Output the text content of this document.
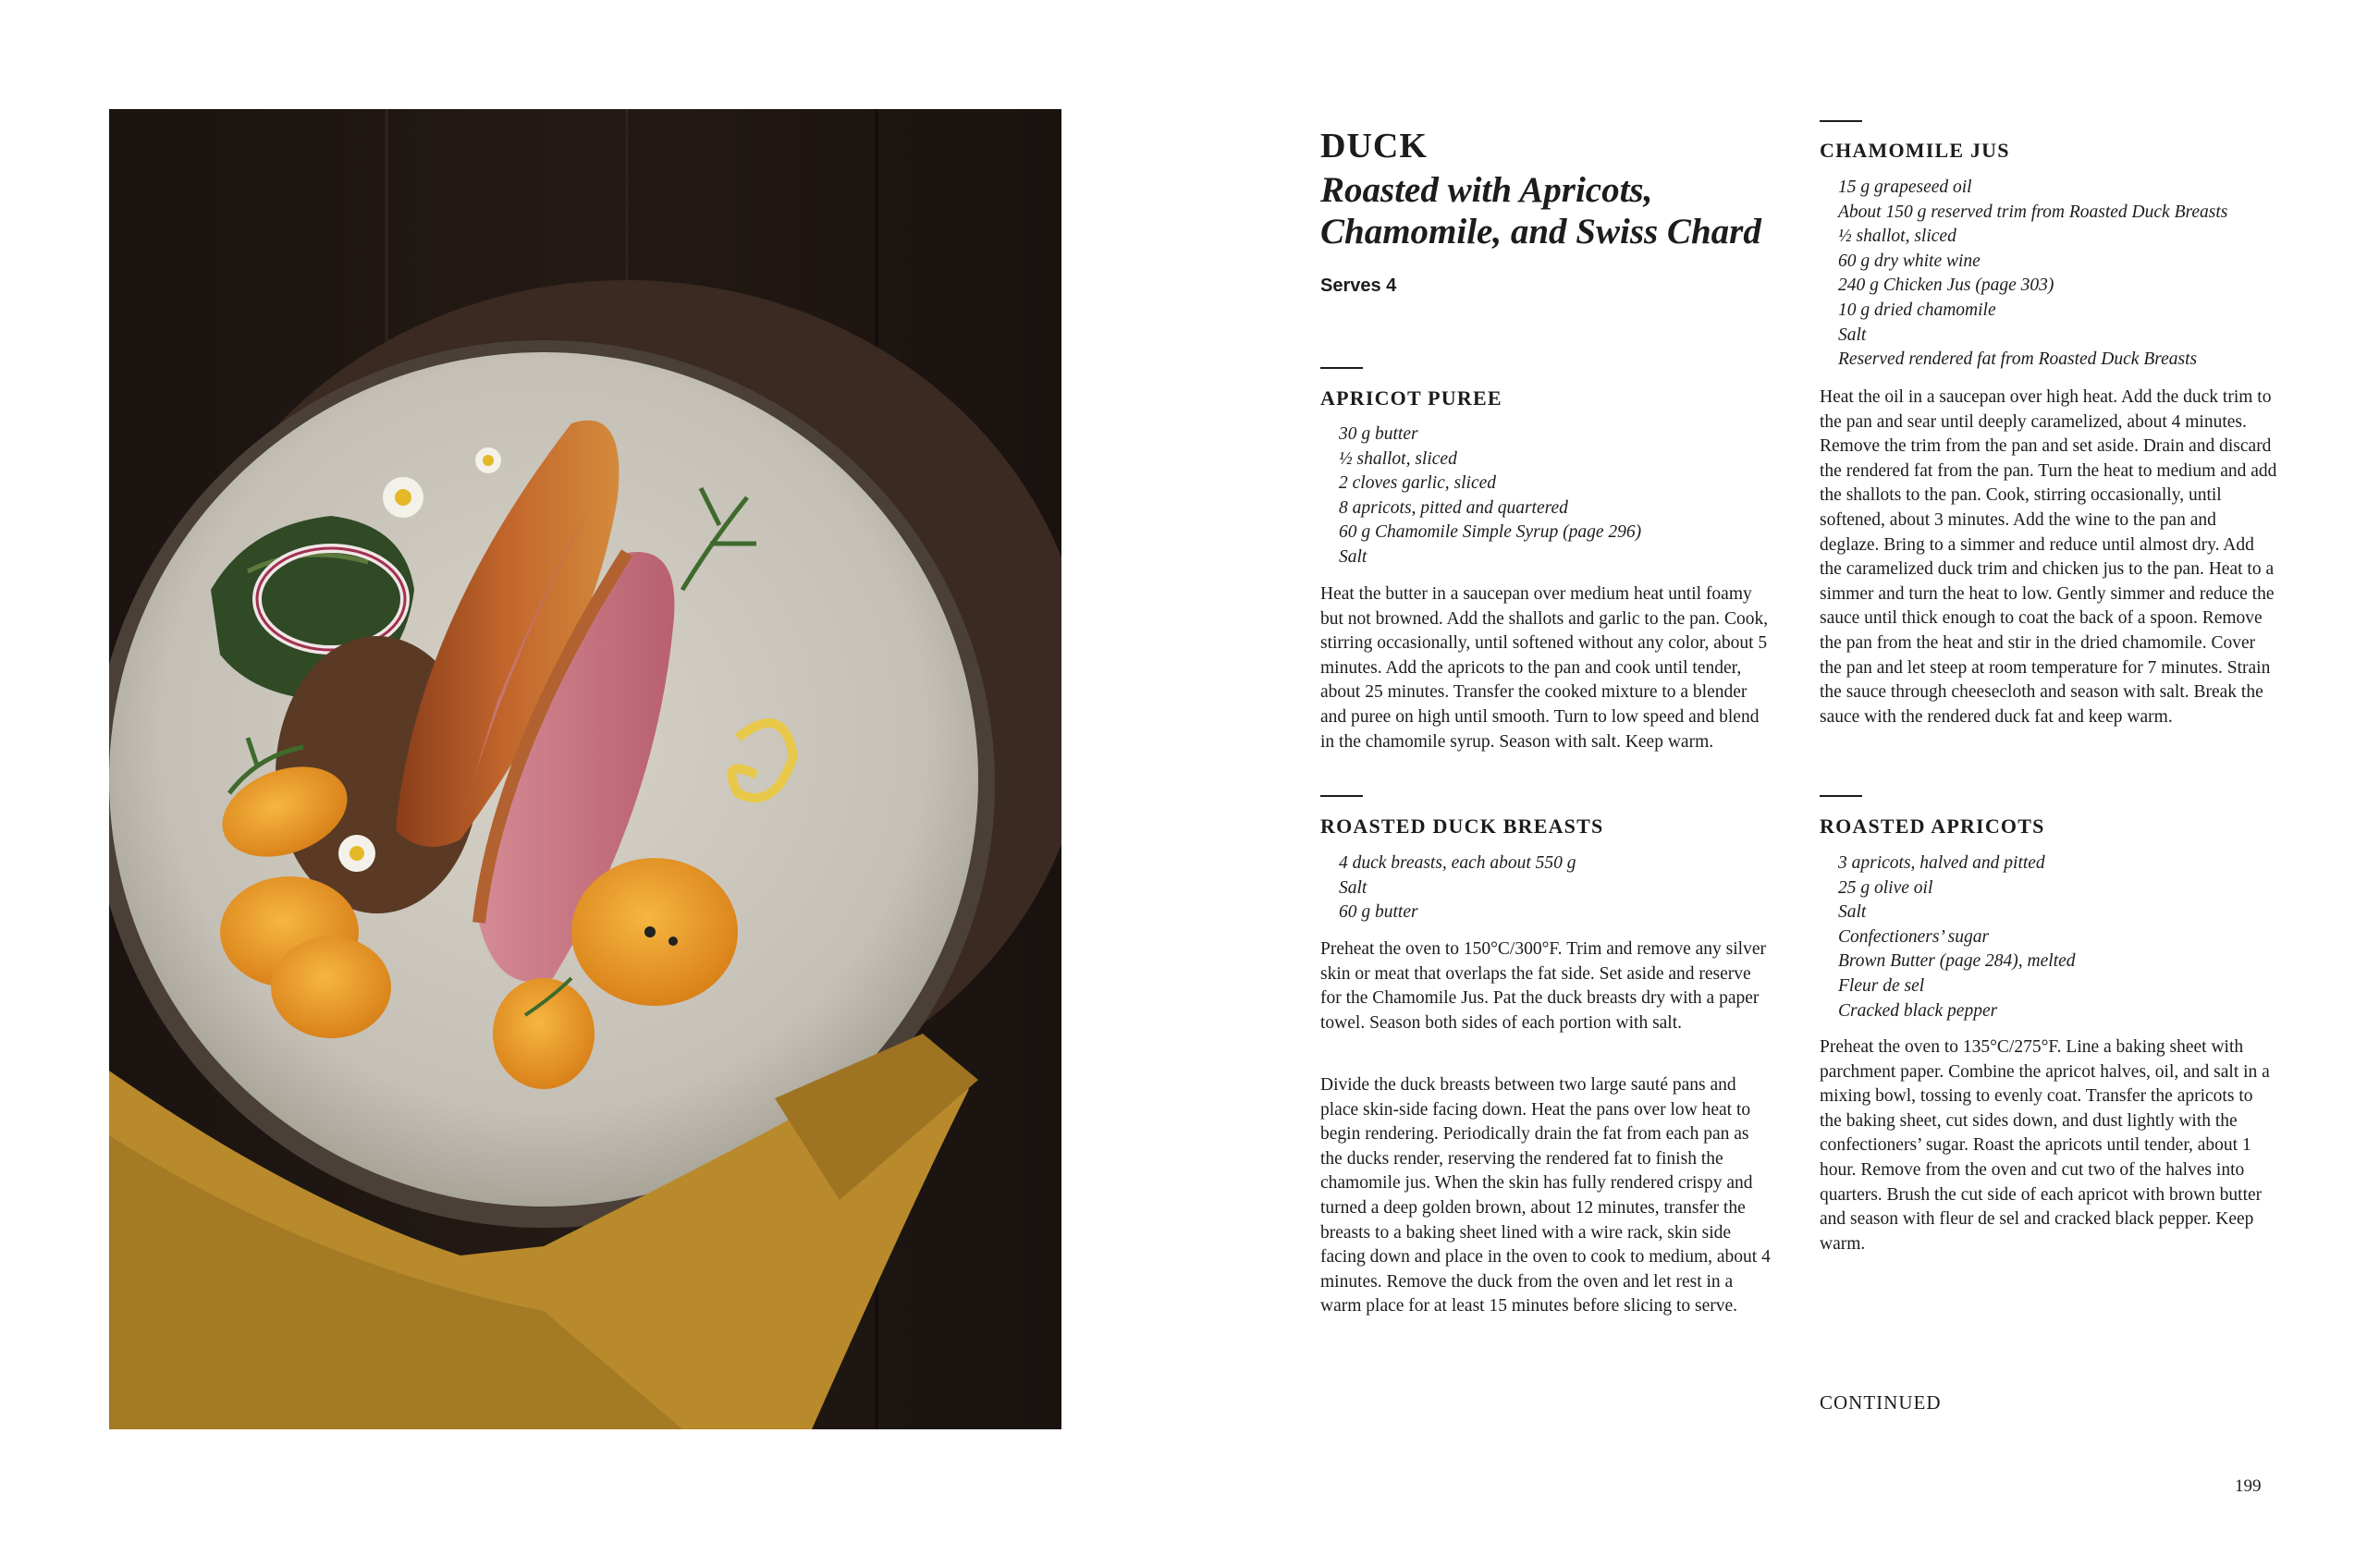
DUCK
Roasted with Apricots, Chamomile, and Swiss Chard
Serves 4
APRICOT PUREE
30 g butter
½ shallot, sliced
2 cloves garlic, sliced
8 apricots, pitted and quartered
60 g Chamomile Simple Syrup (page 296)
Salt

Heat the butter in a saucepan over medium heat until foamy but not browned. Add the shallots and garlic to the pan. Cook, stirring occasionally, until softened without any color, about 5 minutes. Add the apricots to the pan and cook until tender, about 25 minutes. Transfer the cooked mixture to a blender and puree on high until smooth. Turn to low speed and blend in the chamomile syrup. Season with salt. Keep warm.

ROASTED DUCK BREASTS
4 duck breasts, each about 550 g
Salt
60 g butter

Preheat the oven to 150°C/300°F. Trim and remove any silver skin or meat that overlaps the fat side. Set aside and reserve for the Chamomile Jus. Pat the duck breasts dry with a paper towel. Season both sides of each portion with salt.

Divide the duck breasts between two large sauté pans and place skin-side facing down. Heat the pans over low heat to begin rendering. Periodically drain the fat from each pan as the ducks render, reserving the rendered fat to finish the chamomile jus. When the skin has fully rendered crispy and turned a deep golden brown, about 12 minutes, transfer the breasts to a baking sheet lined with a wire rack, skin side facing down and place in the oven to cook to medium, about 4 minutes. Remove the duck from the oven and let rest in a warm place for at least 15 minutes before slicing to serve.

CHAMOMILE JUS
15 g grapeseed oil
About 150 g reserved trim from Roasted Duck Breasts
½ shallot, sliced
60 g dry white wine
240 g Chicken Jus (page 303)
10 g dried chamomile
Salt
Reserved rendered fat from Roasted Duck Breasts

Heat the oil in a saucepan over high heat. Add the duck trim to the pan and sear until deeply caramelized, about 4 minutes. Remove the trim from the pan and set aside. Drain and discard the rendered fat from the pan. Turn the heat to medium and add the shallots to the pan. Cook, stirring occasionally, until softened, about 3 minutes. Add the wine to the pan and deglaze. Bring to a simmer and reduce until almost dry. Add the caramelized duck trim and chicken jus to the pan. Heat to a simmer and turn the heat to low. Gently simmer and reduce the sauce until thick enough to coat the back of a spoon. Remove the pan from the heat and stir in the dried chamomile. Cover the pan and let steep at room temperature for 7 minutes. Strain the sauce through cheesecloth and season with salt. Break the sauce with the rendered duck fat and keep warm.

ROASTED APRICOTS
3 apricots, halved and pitted
25 g olive oil
Salt
Confectioners’ sugar
Brown Butter (page 284), melted
Fleur de sel
Cracked black pepper

Preheat the oven to 135°C/275°F. Line a baking sheet with parchment paper. Combine the apricot halves, oil, and salt in a mixing bowl, tossing to evenly coat. Transfer the apricots to the baking sheet, cut sides down, and dust lightly with the confectioners’ sugar. Roast the apricots until tender, about 1 hour. Remove from the oven and cut two of the halves into quarters. Brush the cut side of each apricot with brown butter and season with fleur de sel and cracked black pepper. Keep warm.

CONTINUED
199
